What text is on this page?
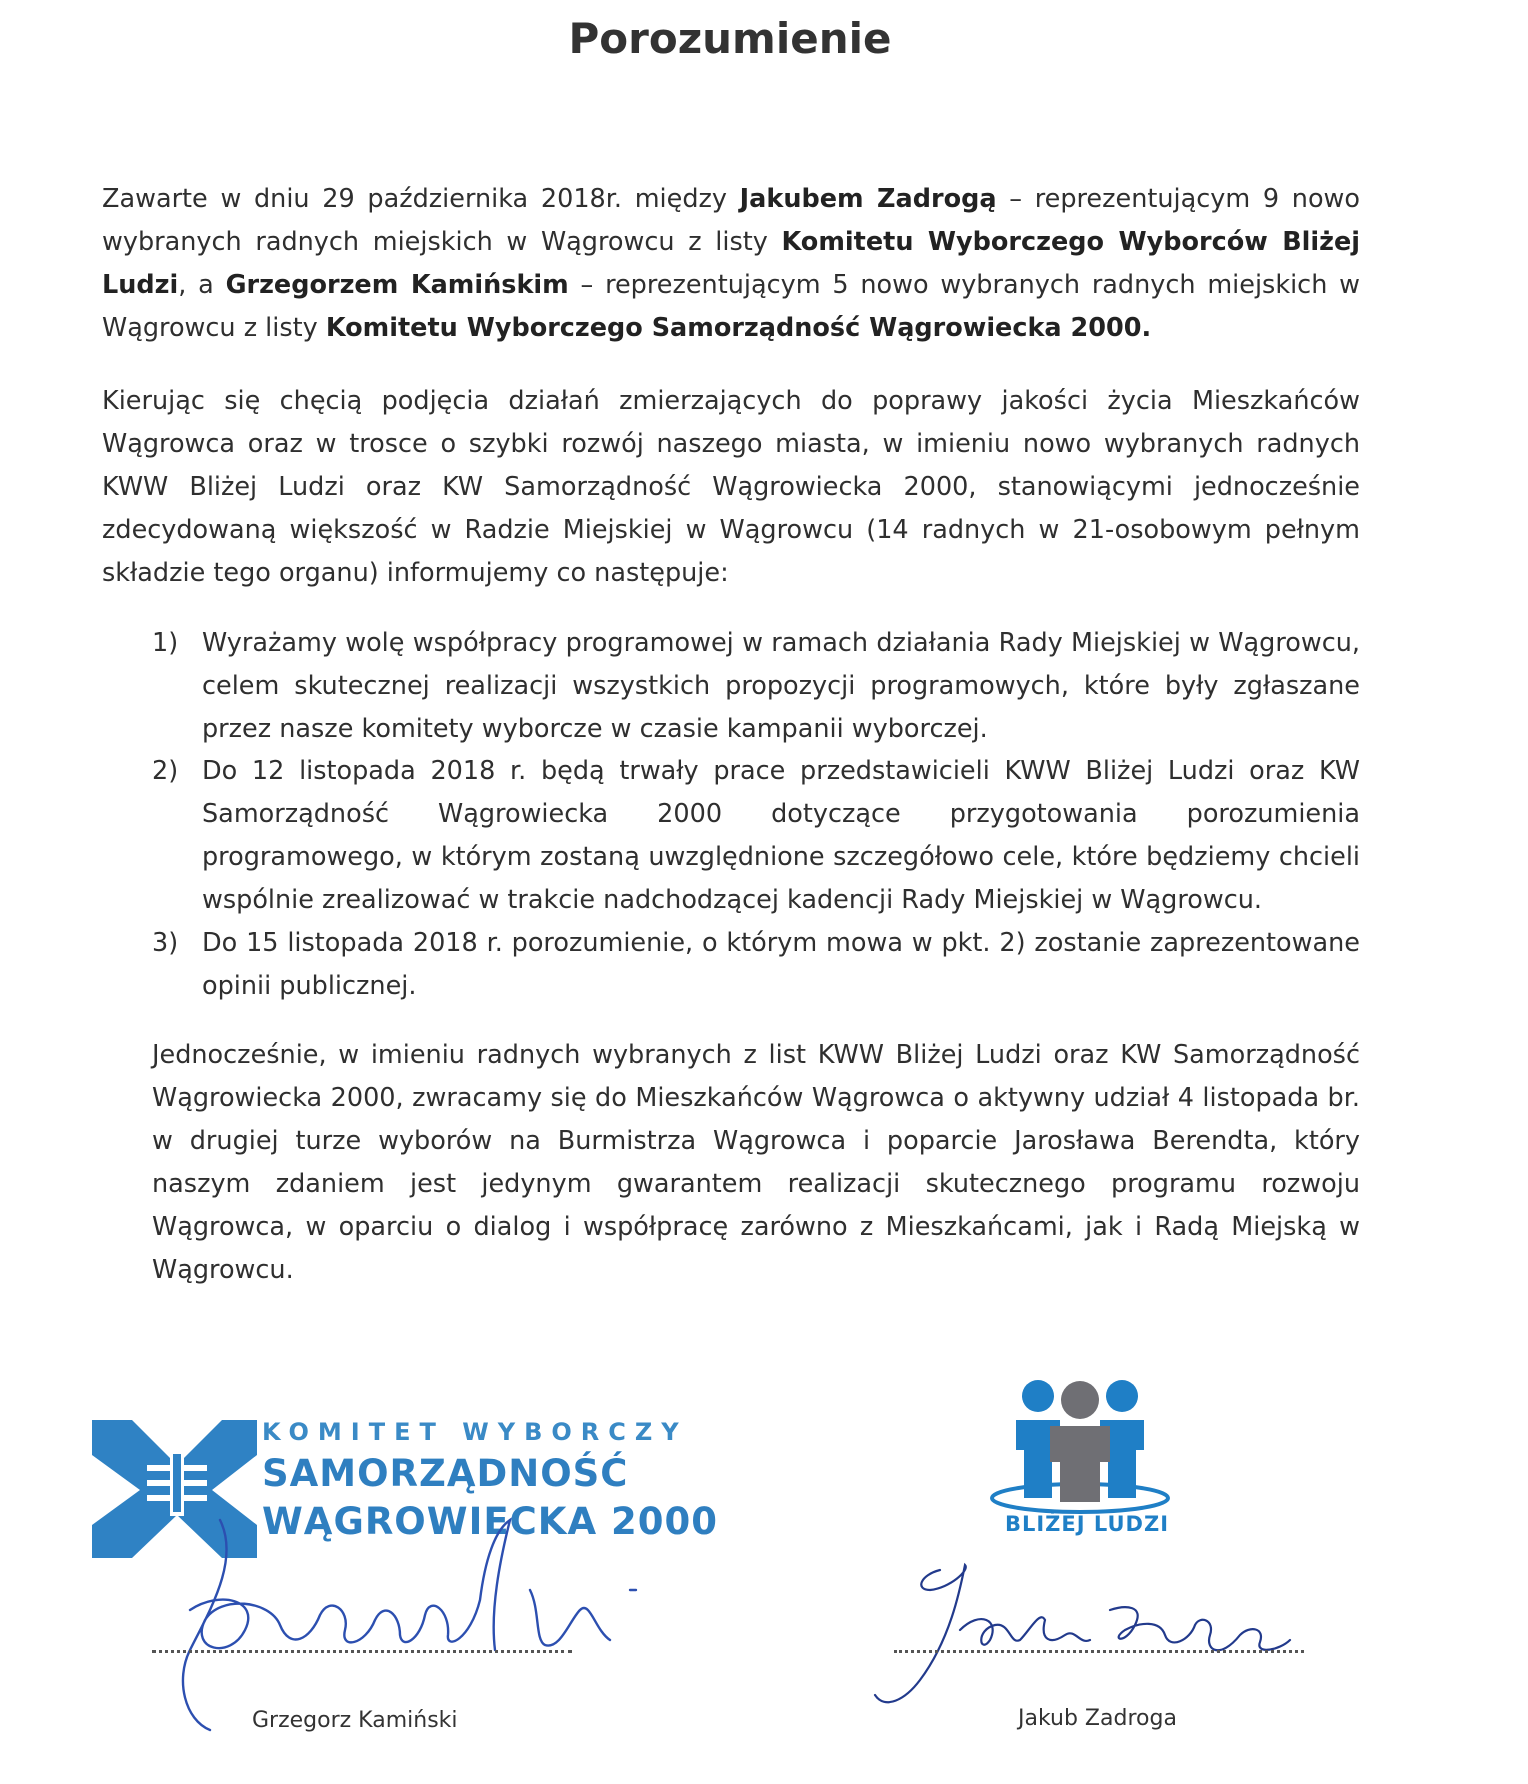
Porozumienie
Zawarte w dniu 29 października 2018r. między Jakubem Zadrogą – reprezentującym 9 nowo wybranych radnych miejskich w Wągrowcu z listy Komitetu Wyborczego Wyborców Bliżej Ludzi, a Grzegorzem Kamińskim – reprezentującym 5 nowo wybranych radnych miejskich w Wągrowcu z listy Komitetu Wyborczego Samorządność Wągrowiecka 2000.
Kierując się chęcią podjęcia działań zmierzających do poprawy jakości życia Mieszkańców Wągrowca oraz w trosce o szybki rozwój naszego miasta, w imieniu nowo wybranych radnych KWW Bliżej Ludzi oraz KW Samorządność Wągrowiecka 2000, stanowiącymi jednocześnie zdecydowaną większość w Radzie Miejskiej w Wągrowcu (14 radnych w 21-osobowym pełnym składzie tego organu) informujemy co następuje:
1) Wyrażamy wolę współpracy programowej w ramach działania Rady Miejskiej w Wągrowcu, celem skutecznej realizacji wszystkich propozycji programowych, które były zgłaszane przez nasze komitety wyborcze w czasie kampanii wyborczej.
2) Do 12 listopada 2018 r. będą trwały prace przedstawicieli KWW Bliżej Ludzi oraz KW Samorządność Wągrowiecka 2000 dotyczące przygotowania porozumienia programowego, w którym zostaną uwzględnione szczegółowo cele, które będziemy chcieli wspólnie zrealizować w trakcie nadchodzącej kadencji Rady Miejskiej w Wągrowcu.
3) Do 15 listopada 2018 r. porozumienie, o którym mowa w pkt. 2) zostanie zaprezentowane opinii publicznej.
Jednocześnie, w imieniu radnych wybranych z list KWW Bliżej Ludzi oraz KW Samorządność Wągrowiecka 2000, zwracamy się do Mieszkańców Wągrowca o aktywny udział 4 listopada br. w drugiej turze wyborów na Burmistrza Wągrowca i poparcie Jarosława Berendta, który naszym zdaniem jest jedynym gwarantem realizacji skutecznego programu rozwoju Wągrowca, w oparciu o dialog i współpracę zarówno z Mieszkańcami, jak i Radą Miejską w Wągrowcu.
KOMITET WYBORCZY
SAMORZĄDNOŚĆ
WĄGROWIECKA 2000	BLIŻEJ LUDZI
Grzegorz Kamiński	Jakub Zadroga
